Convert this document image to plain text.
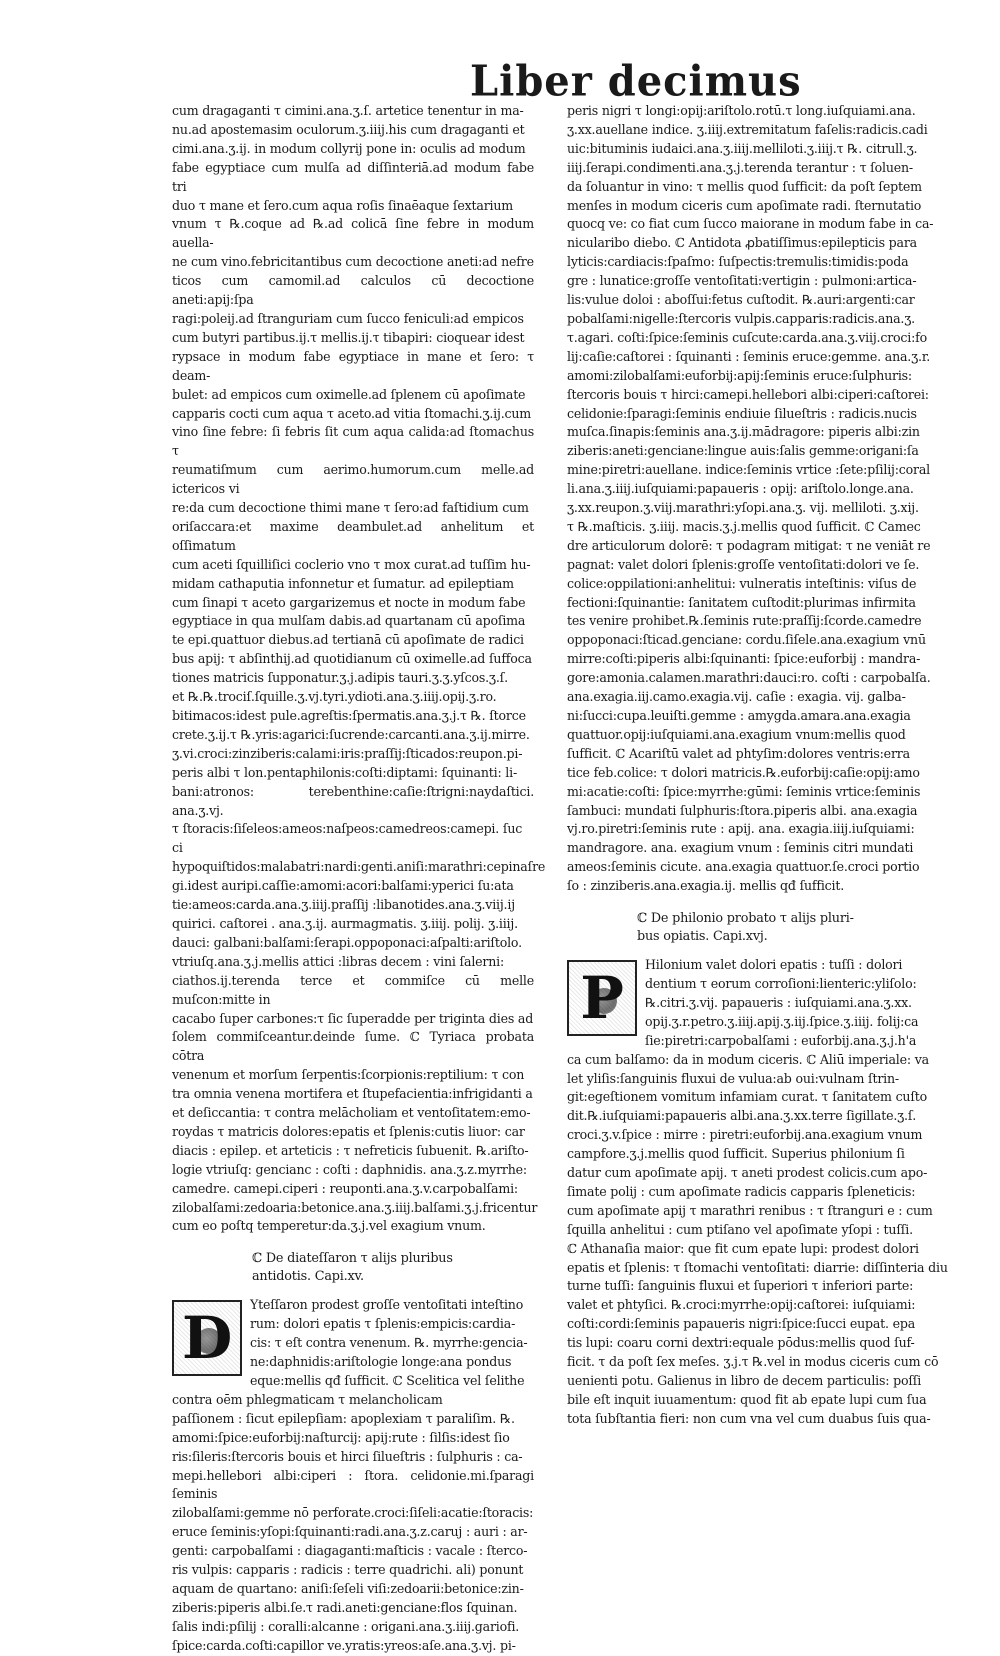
Liber decimus

cum dragaganti τ cimini.ana.ʒ.ſ. artetice tenentur in ma-
nu.ad apostemasim oculorum.ʒ.iiij.his cum dragaganti et
cimi.ana.ʒ.ij. in modum collyrij pone in: oculis ad modum
fabe egyptiace cum mulſa ad diſſinteriā.ad modum fabe tri
duo τ mane et ſero.cum aqua roſis ſinaēaque ſextarium
vnum τ ℞.coque ad ℞.ad colicā ſine febre in modum auella-
ne cum vino.febricitantibus cum decoctione aneti:ad nefre
ticos cum camomil.ad calculos cū decoctione aneti:apij:ſpa
ragi:poleij.ad ſtranguriam cum ſucco feniculi:ad empicos
cum butyri partibus.ij.τ mellis.ij.τ tibapiri: cioquear idest
rypsace in modum fabe egyptiace in mane et ſero: τ deam-
bulet: ad empicos cum oximelle.ad ſplenem cū apoſimate
capparis cocti cum aqua τ aceto.ad vitia ſtomachi.ʒ.ij.cum
vino ſine febre: ſi febris ſit cum aqua calida:ad ſtomachus τ
reumatiſmum cum aerimo.humorum.cum melle.ad ictericos vi
re:da cum decoctione thimi mane τ ſero:ad faſtidium cum
oriſaccara:et maxime deambulet.ad anhelitum et oſſimatum
cum aceti ſquilliſici coclerio vno τ mox curat.ad tuſſim hu-
midam cathaputia infonnetur et ſumatur. ad epileptiam
cum ſinapi τ aceto gargarizemus et nocte in modum fabe
egyptiace in qua mulſam dabis.ad quartanam cū apoſima
te epi.quattuor diebus.ad tertianā cū apoſimate de radici
bus apij: τ abſinthij.ad quotidianum cū oximelle.ad ſuffoca
tiones matricis ſupponatur.ʒ.j.adipis tauri.ʒ.ʒ.yſcos.ʒ.ſ.
et ℞.℞.trociſ.ſquille.ʒ.vj.tyri.ydioti.ana.ʒ.iiij.opij.ʒ.ro.
bitimacos:idest pule.agreſtis:ſpermatis.ana.ʒ.j.τ ℞. ſtorce
crete.ʒ.ij.τ ℞.yris:agarici:ſucrende:carcanti.ana.ʒ.ij.mirre.
ʒ.vi.croci:zinziberis:calami:iris:praſſij:ſticados:reupon.pi-
peris albi τ lon.pentaphilonis:coſti:diptami: ſquinanti: li-
bani:atronos: terebenthine:caſie:ſtrigni:naydaſtici. ana.ʒ.vj.
τ ſtoracis:ſiſeleos:ameos:naſpeos:camedreos:camepi. ſuc
ci hypoquiſtidos:malabatri:nardi:genti.aniſi:marathri:cepinaſre
gi.idest auripi.caſſie:amomi:acori:balſami:yperici ſu:ata
tie:ameos:carda.ana.ʒ.iiij.praſſij :libanotides.ana.ʒ.viij.ij
quirici. caſtorei . ana.ʒ.ij. aurmagmatis. ʒ.iiij. polij. ʒ.iiij.
dauci: galbani:balſami:ſerapi.oppoponaci:aſpalti:ariſtolo.
vtriuſq.ana.ʒ.j.mellis attici :libras decem : vini ſalerni:
ciathos.ij.terenda terce et commiſce cū melle muſcon:mitte in
cacabo ſuper carbones:τ ſic ſuperadde per triginta dies ad
ſolem commiſceantur.deinde ſume. ℂ Tyriaca probata cōtra
venenum et morſum ſerpentis:ſcorpionis:reptilium: τ con
tra omnia venena mortifera et ſtupefacientia:infrigidanti a
et deſiccantia: τ contra melācholiam et ventoſitatem:emo-
roydas τ matricis dolores:epatis et ſplenis:cutis liuor: car
diacis : epilep. et arteticis : τ nefreticis ſubuenit. ℞.ariſto-
logie vtriuſq: gencianc : coſti : daphnidis. ana.ʒ.z.myrrhe:
camedre. camepi.ciperi : reuponti.ana.ʒ.v.carpobalſami:
zilobalſami:zedoaria:betonice.ana.ʒ.iiij.balſami.ʒ.j.fricentur
cum eo poſtq temperetur:da.ʒ.j.vel exagium vnum.

ℂ De diateſſaron τ alijs pluribus
antidotis. Capi.xv.
D	Yteſſaron prodest groſſe ventoſitati inteſtino
rum: dolori epatis τ ſplenis:empicis:cardia-
cis: τ eſt contra venenum. ℞. myrrhe:gencia-
ne:daphnidis:ariſtologie longe:ana pondus
eque:mellis qđ ſufficit. ℂ Scelitica vel ſelithe
contra oēm phlegmaticam τ melancholicam
paſſionem : ſicut epilepſiam: apoplexiam τ paraliſim. ℞.
amomi:ſpice:euforbij:naſturcij: apij:rute : ſilſis:idest ſio
ris:ſileris:ſtercoris bouis et hirci ſilueſtris : ſulphuris : ca-
mepi.hellebori albi:ciperi : ſtora. celidonie.mi.ſparagi ſeminis
zilobalſami:gemme nō perforate.croci:ſiſeli:acatie:ſtoracis:
eruce ſeminis:yſopi:ſquinanti:radi.ana.ʒ.z.caruj : auri : ar-
genti: carpobalſami : diagaganti:maſticis : vacale : ſterco-
ris vulpis: capparis : radicis : terre quadrichi. ali) ponunt
aquam de quartano: aniſi:ſeſeli viſi:zedoarii:betonice:zin-
ziberis:piperis albi.ſe.τ radi.aneti:genciane:flos ſquinan.
ſalis indi:pſilij : coralli:alcanne : origani.ana.ʒ.iiij.gariofi.
ſpice:carda.coſti:capillor ve.yratis:yreos:aſe.ana.ʒ.vj. pi-

peris nigri τ longi:opij:ariſtolo.rotū.τ long.iuſquiami.ana.
ʒ.xx.auellane indice. ʒ.iiij.extremitatum faſelis:radicis.cadi
uic:bituminis iudaici.ana.ʒ.iiij.melliloti.ʒ.iiij.τ ℞. citrull.ʒ.
iiij.ſerapi.condimenti.ana.ʒ.j.terenda terantur : τ ſoluen-
da ſoluantur in vino: τ mellis quod ſufficit: da poſt ſeptem
menſes in modum ciceris cum apoſimate radi. ſternutatio
quocq ve: co fiat cum ſucco maiorane in modum fabe in ca-
nicularibo diebo. ℂ Antidota ꝓbatiſſimus:epilepticis para
lyticis:cardiacis:ſpaſmo: ſuſpectis:tremulis:timidis:poda
gre : lunatice:groſſe ventoſitati:vertigin : pulmoni:artica-
lis:vulue doloi : aboſſui:fetus cuſtodit. ℞.auri:argenti:car
pobalſami:nigelle:ſtercoris vulpis.capparis:radicis.ana.ʒ.
τ.agari. coſti:ſpice:ſeminis cuſcute:carda.ana.ʒ.viij.croci:fo
lij:caſie:caſtorei : ſquinanti : ſeminis eruce:gemme. ana.ʒ.r.
amomi:zilobalſami:euforbij:apij:ſeminis eruce:ſulphuris:
ſtercoris bouis τ hirci:camepi.hellebori albi:ciperi:caſtorei:
celidonie:ſparagi:ſeminis endiuie ſilueſtris : radicis.nucis
muſca.ſinapis:ſeminis ana.ʒ.ij.mādragore: piperis albi:zin
ziberis:aneti:genciane:lingue auis:ſalis gemme:origani:ſa
mine:piretri:auellane. indice:ſeminis vrtice :ſete:pſilij:coral
li.ana.ʒ.iiij.iuſquiami:papaueris : opij: ariſtolo.longe.ana.
ʒ.xx.reupon.ʒ.viij.marathri:yſopi.ana.ʒ. vij. melliloti. ʒ.xij.
τ ℞.maſticis. ʒ.iiij. macis.ʒ.j.mellis quod ſufficit. ℂ Camec
dre articulorum dolorē: τ podagram mitigat: τ ne veniāt re
pagnat: valet dolori ſplenis:groſſe ventoſitati:dolori ve ſe.
colice:oppilationi:anhelitui: vulneratis inteſtinis: viſus de
fectioni:ſquinantie: ſanitatem cuſtodit:plurimas infirmita
tes venire prohibet.℞.ſeminis rute:praſſij:ſcorde.camedre
oppoponaci:ſticad.genciane: cordu.ſiſele.ana.exagium vnū
mirre:coſti:piperis albi:ſquinanti: ſpice:euforbij : mandra-
gore:amonia.calamen.marathri:dauci:ro. coſti : carpobalſa.
ana.exagia.iij.camo.exagia.vij. caſie : exagia. vij. galba-
ni:ſucci:cupa.leuiſti.gemme : amygda.amara.ana.exagia
quattuor.opij:iuſquiami.ana.exagium vnum:mellis quod
ſufficit. ℂ Acariſtū valet ad phtyſim:dolores ventris:erra
tice feb.colice: τ dolori matricis.℞.euforbij:caſie:opij:amo
mi:acatie:coſti: ſpice:myrrhe:gūmi: ſeminis vrtice:ſeminis
ſambuci: mundati ſulphuris:ſtora.piperis albi. ana.exagia
vj.ro.piretri:ſeminis rute : apij. ana. exagia.iiij.iuſquiami:
mandragore. ana. exagium vnum : ſeminis citri mundati
ameos:ſeminis cicute. ana.exagia quattuor.ſe.croci portio
ſo : zinziberis.ana.exagia.ij. mellis qđ ſufficit.

ℂ De philonio probato τ alijs pluri-
bus opiatis. Capi.xvj.
P	Hilonium valet dolori epatis : tuſſi : dolori
dentium τ eorum corroſioni:lienteric:yliſolo:
℞.citri.ʒ.vij. papaueris : iuſquiami.ana.ʒ.xx.
opij.ʒ.r.petro.ʒ.iiij.apij.ʒ.iij.ſpice.ʒ.iiij. folij:ca
ſie:piretri:carpobalſami : euforbij.ana.ʒ.j.h'a
ca cum balſamo: da in modum ciceris. ℂ Aliū imperiale: va
let yliſis:ſanguinis fluxui de vulua:ab oui:vulnam ſtrin-
git:egeſtionem vomitum infamiam curat. τ ſanitatem cuſto
dit.℞.iuſquiami:papaueris albi.ana.ʒ.xx.terre ſigillate.ʒ.ſ.
croci.ʒ.v.ſpice : mirre : piretri:euforbij.ana.exagium vnum
campfore.ʒ.j.mellis quod ſufficit. Superius philonium ſi
datur cum apoſimate apij. τ aneti prodest colicis.cum apo-
ſimate polij : cum apoſimate radicis capparis ſpleneticis:
cum apoſimate apij τ marathri renibus : τ ſtranguri e : cum
ſquilla anhelitui : cum ptiſano vel apoſimate yſopi : tuſſi.
ℂ Athanaſia maior: que fit cum epate lupi: prodest dolori
epatis et ſplenis: τ ſtomachi ventoſitati: diarrie: diſſinteria diu
turne tuſſi: ſanguinis fluxui et ſuperiori τ inferiori parte:
valet et phtyſici. ℞.croci:myrrhe:opij:caſtorei: iuſquiami:
coſti:cordi:ſeminis papaueris nigri:ſpice:ſucci eupat. epa
tis lupi: coaru corni dextri:equale pōdus:mellis quod ſuf-
ficit. τ da poſt ſex meſes. ʒ.j.τ ℞.vel in modus ciceris cum cō
uenienti potu. Galienus in libro de decem particulis: poſſi
bile eſt inquit iuuamentum: quod fit ab epate lupi cum ſua
tota ſubſtantia fieri: non cum vna vel cum duabus ſuis qua-
